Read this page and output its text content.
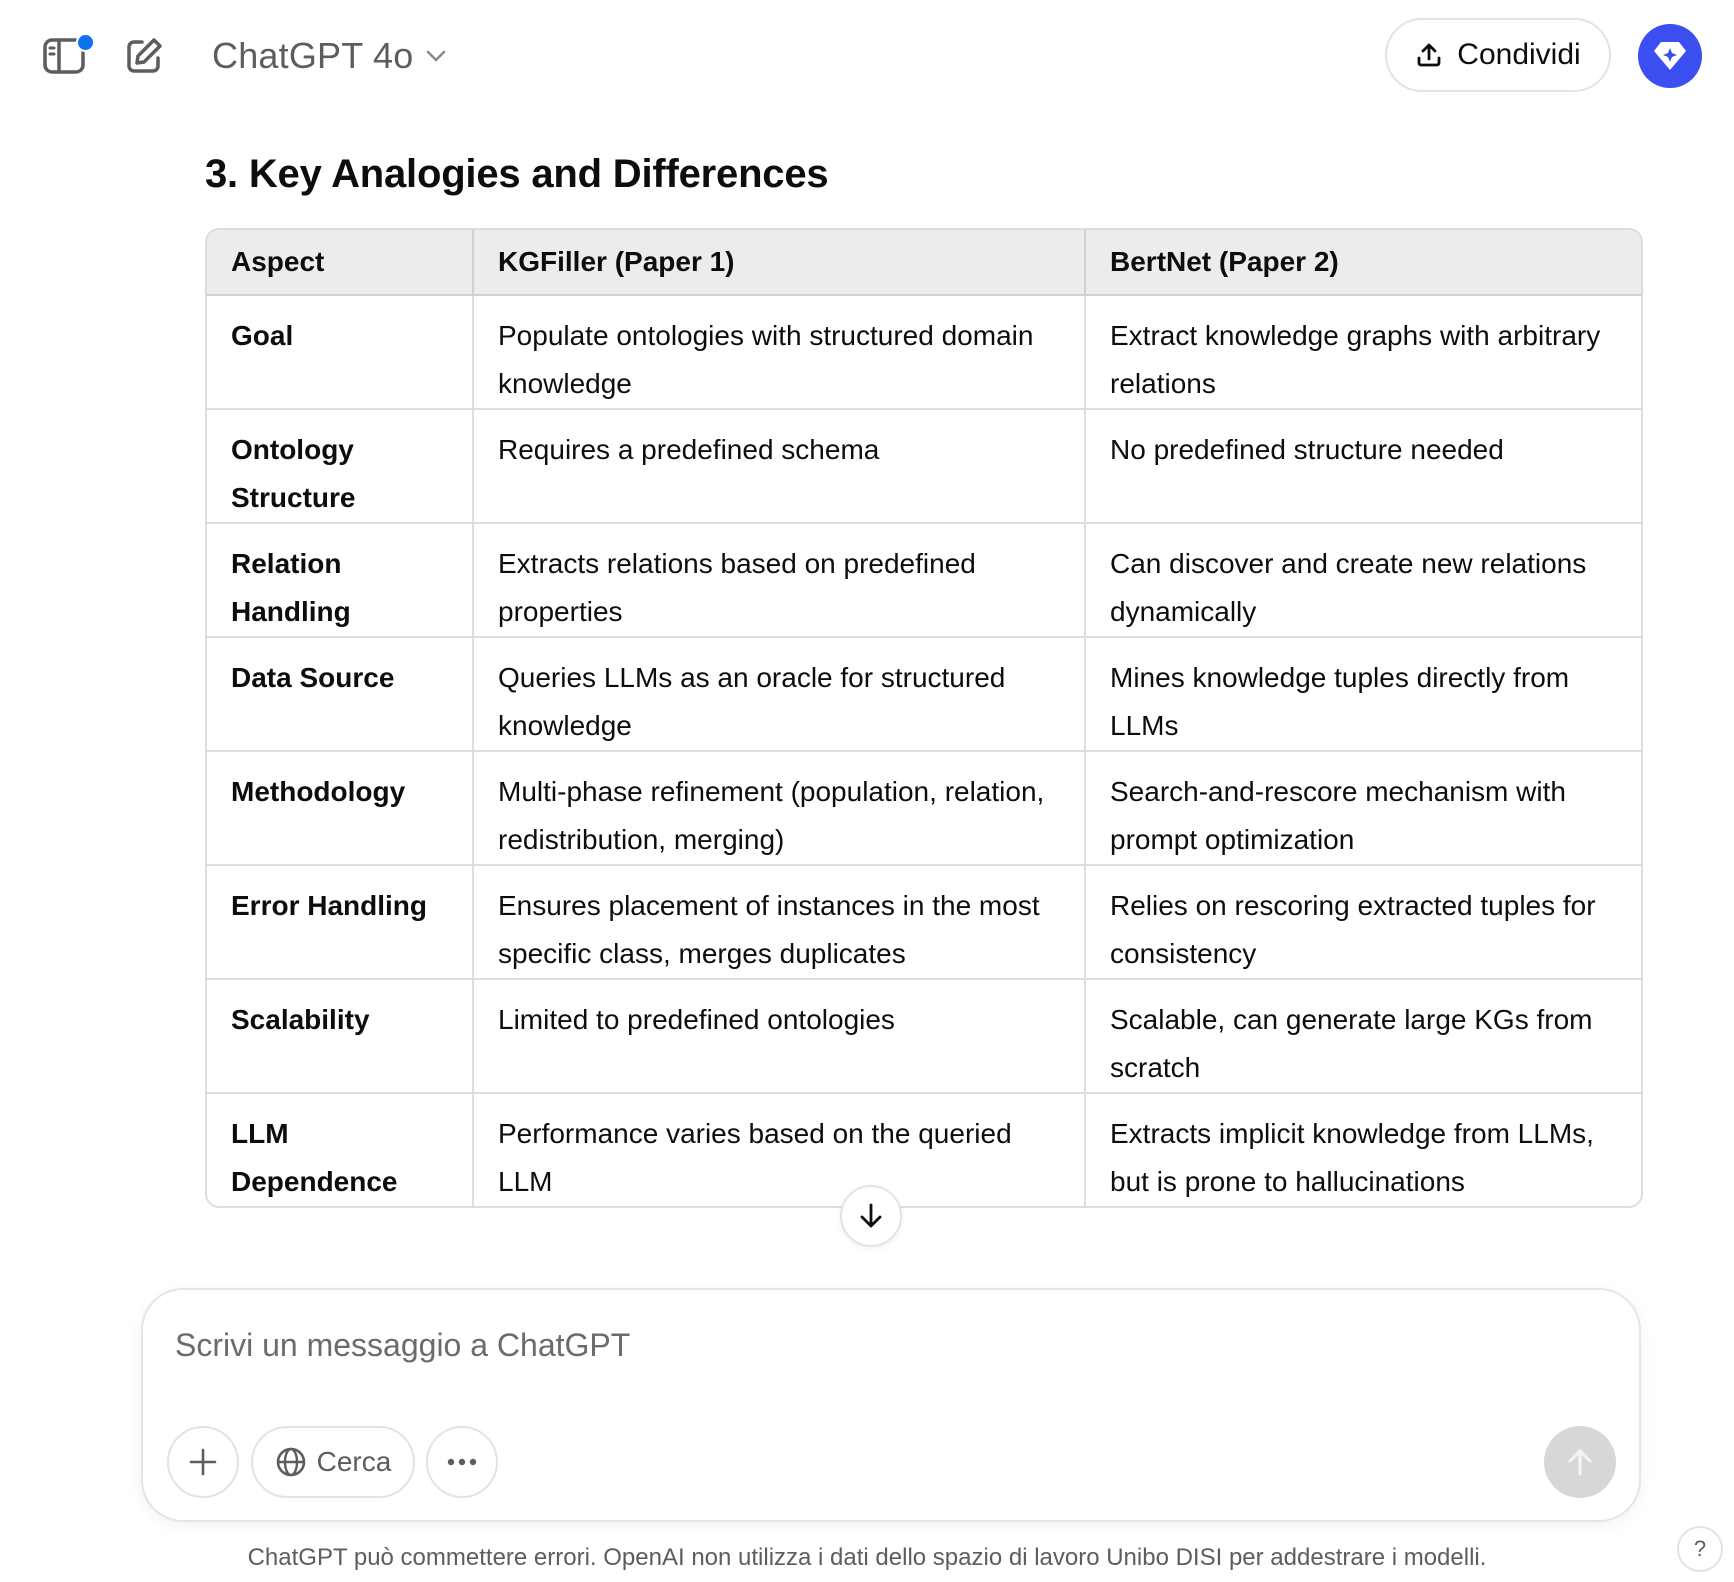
ChatGPT 4o	Condividi
3. Key Analogies and Differences
Aspect	KGFiller (Paper 1)	BertNet (Paper 2)
Goal	Populate ontologies with structured domain knowledge	Extract knowledge graphs with arbitrary relations
Ontology Structure	Requires a predefined schema	No predefined structure needed
Relation Handling	Extracts relations based on predefined properties	Can discover and create new relations dynamically
Data Source	Queries LLMs as an oracle for structured knowledge	Mines knowledge tuples directly from LLMs
Methodology	Multi-phase refinement (population, relation, redistribution, merging)	Search-and-rescore mechanism with prompt optimization
Error Handling	Ensures placement of instances in the most specific class, merges duplicates	Relies on rescoring extracted tuples for consistency
Scalability	Limited to predefined ontologies	Scalable, can generate large KGs from scratch
LLM Dependence	Performance varies based on the queried LLM	Extracts implicit knowledge from LLMs, but is prone to hallucinations
Scrivi un messaggio a ChatGPT
Cerca
ChatGPT può commettere errori. OpenAI non utilizza i dati dello spazio di lavoro Unibo DISI per addestrare i modelli.	?
